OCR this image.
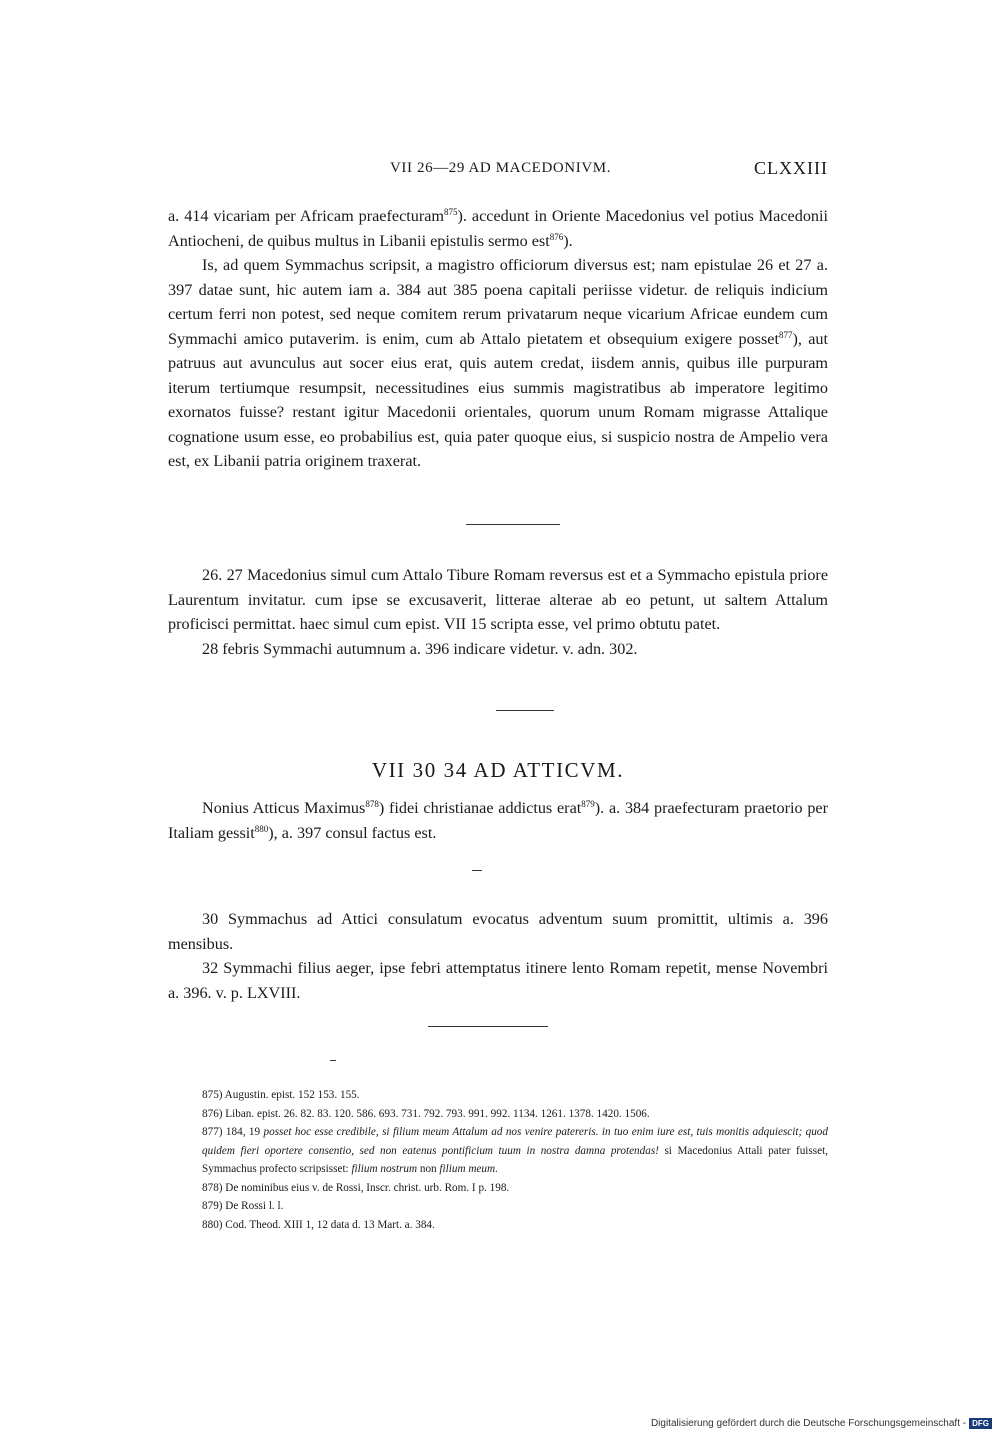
VII 26—29 AD MACEDONIVM.	CLXXIII

a. 414 vicariam per Africam praefecturam$^{875}$). accedunt in Oriente Macedonius vel potius Macedonii Antiocheni, de quibus multus in Libanii epistulis sermo est$^{876}$).

Is, ad quem Symmachus scripsit, a magistro officiorum diversus est; nam epistulae 26 et 27 a. 397 datae sunt, hic autem iam a. 384 aut 385 poena capitali periisse videtur. de reliquis indicium certum ferri non potest, sed neque comitem rerum privatarum neque vicarium Africae eundem cum Symmachi amico putaverim. is enim, cum ab Attalo pietatem et obsequium exigere posset$^{877}$), aut patruus aut avunculus aut socer eius erat, quis autem credat, iisdem annis, quibus ille purpuram iterum tertiumque resumpsit, necessitudines eius summis magistratibus ab imperatore legitimo exornatos fuisse? restant igitur Macedonii orientales, quorum unum Romam migrasse Attalique cognatione usum esse, eo probabilius est, quia pater quoque eius, si suspicio nostra de Ampelio vera est, ex Libanii patria originem traxerat.

26. 27 Macedonius simul cum Attalo Tibure Romam reversus est et a Symmacho epistula priore Laurentum invitatur. cum ipse se excusaverit, litterae alterae ab eo petunt, ut saltem Attalum proficisci permittat. haec simul cum epist. VII 15 scripta esse, vel primo obtutu patet.

28 febris Symmachi autumnum a. 396 indicare videtur. v. adn. 302.

VII 30 34 AD ATTICVM.

Nonius Atticus Maximus$^{878}$) fidei christianae addictus erat$^{879}$). a. 384 praefecturam praetorio per Italiam gessit$^{880}$), a. 397 consul factus est.

30 Symmachus ad Attici consulatum evocatus adventum suum promittit, ultimis a. 396 mensibus.

32 Symmachi filius aeger, ipse febri attemptatus itinere lento Romam repetit, mense Novembri a. 396. v. p. LXVIII.

875) Augustin. epist. 152 153. 155.

876) Liban. epist. 26. 82. 83. 120. 586. 693. 731. 792. 793. 991. 992. 1134. 1261. 1378. 1420. 1506.

877) 184, 19 posset hoc esse credibile, si filium meum Attalum ad nos venire patereris. in tuo enim iure est, tuis monitis adquiescit; quod quidem fieri oportere consentio, sed non eatenus pontificium tuum in nostra damna protendas! si Macedonius Attali pater fuisset, Symmachus profecto scripsisset: filium nostrum non filium meum.

878) De nominibus eius v. de Rossi, Inscr. christ. urb. Rom. I p. 198.

879) De Rossi l. l.

880) Cod. Theod. XIII 1, 12 data d. 13 Mart. a. 384.

Digitalisierung gefördert durch die Deutsche Forschungsgemeinschaft - DFG
